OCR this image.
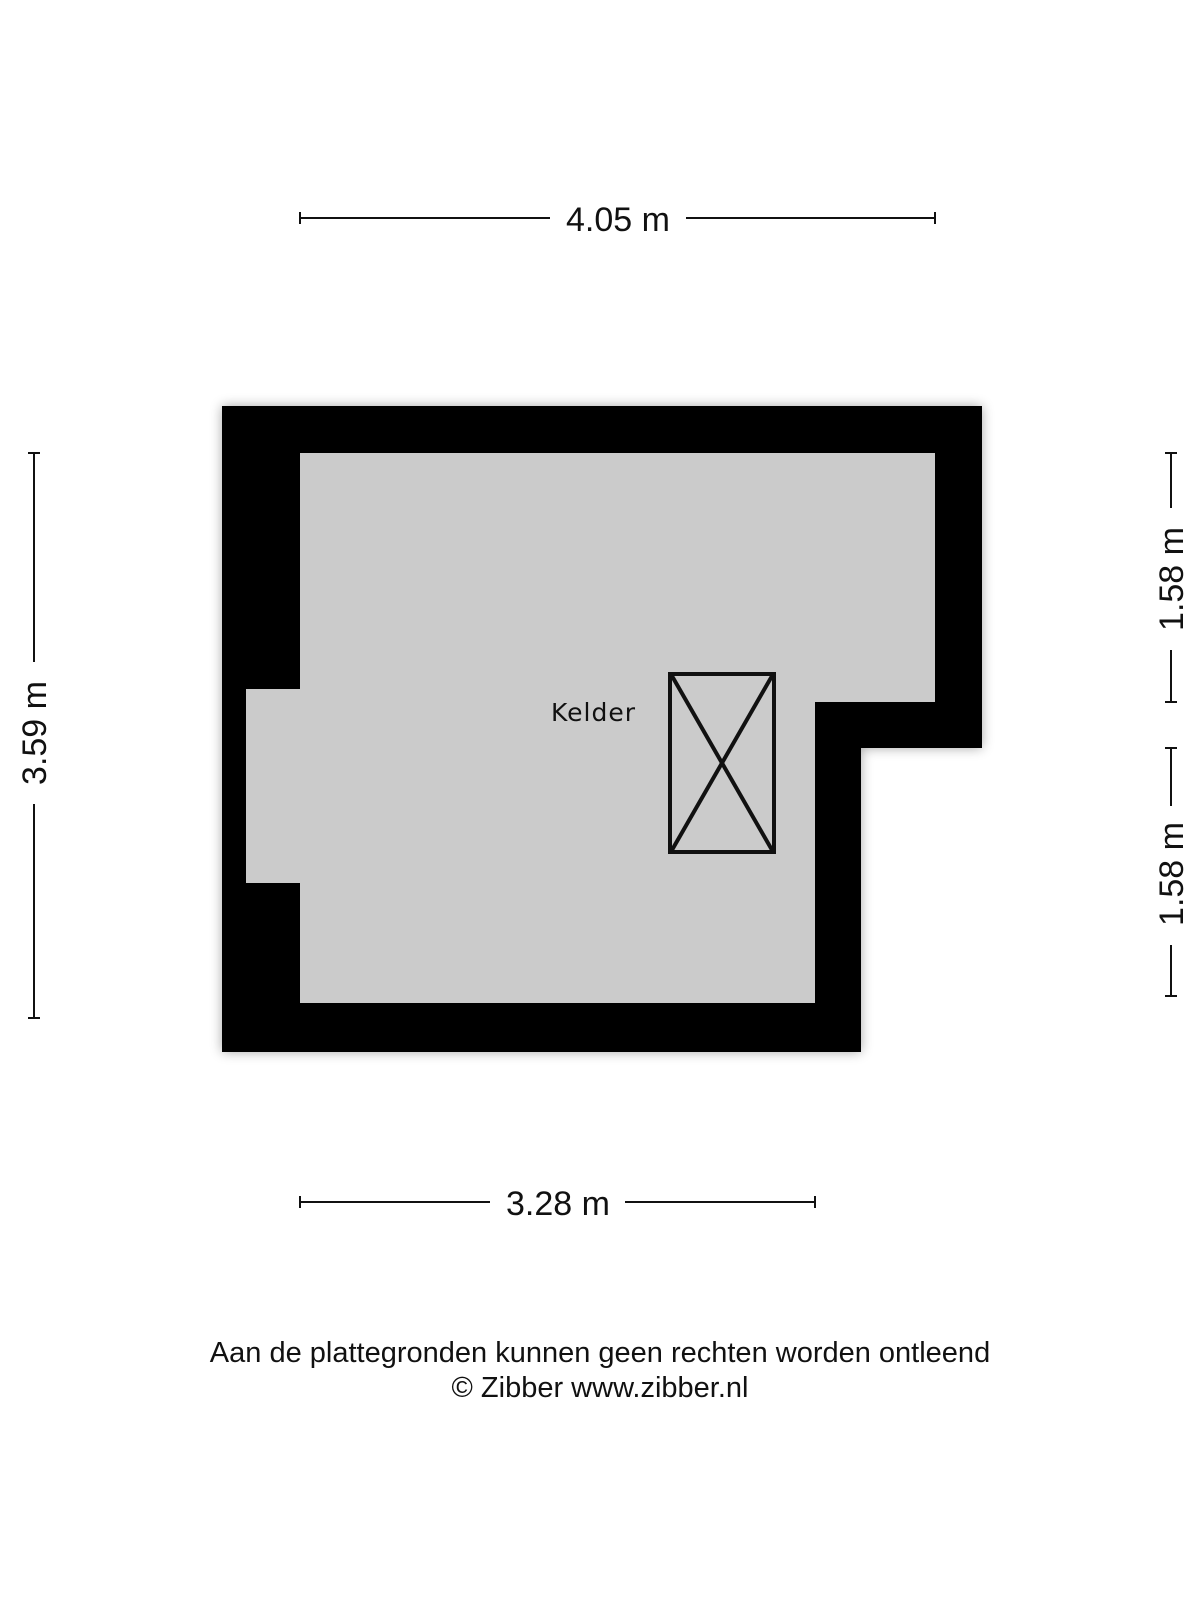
Kelder
4.05 m
3.28 m
3.59 m
1.58 m
1.58 m
Aan de plattegronden kunnen geen rechten worden ontleend
© Zibber www.zibber.nl
